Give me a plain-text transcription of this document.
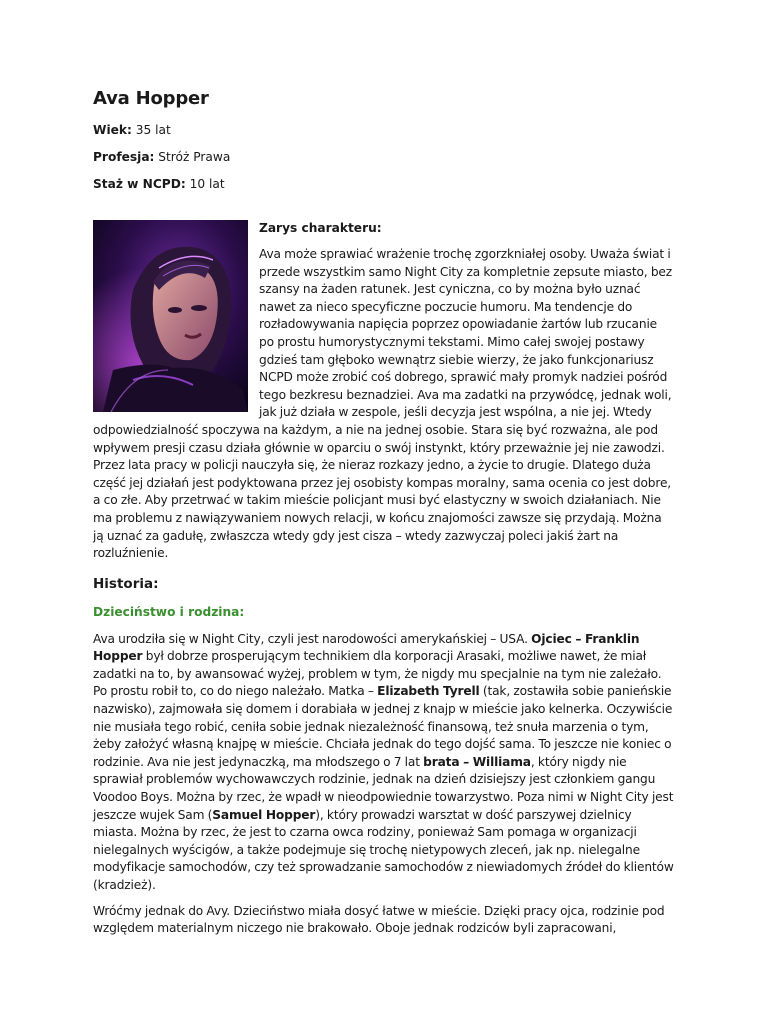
Ava Hopper
Wiek: 35 lat
Profesja: Stróż Prawa
Staż w NCPD: 10 lat
Zarys charakteru:

Ava może sprawiać wrażenie trochę zgorzkniałej osoby. Uważa świat i przede wszystkim samo Night City za kompletnie zepsute miasto, bez szansy na żaden ratunek. Jest cyniczna, co by można było uznać nawet za nieco specyficzne poczucie humoru. Ma tendencje do rozładowywania napięcia poprzez opowiadanie żartów lub rzucanie po prostu humorystycznymi tekstami. Mimo całej swojej postawy gdzieś tam głęboko wewnątrz siebie wierzy, że jako funkcjonariusz NCPD może zrobić coś dobrego, sprawić mały promyk nadziei pośród tego bezkresu beznadziei. Ava ma zadatki na przywódcę, jednak woli, jak już działa w zespole, jeśli decyzja jest wspólna, a nie jej. Wtedy odpowiedzialność spoczywa na każdym, a nie na jednej osobie. Stara się być rozważna, ale pod wpływem presji czasu działa głównie w oparciu o swój instynkt, który przeważnie jej nie zawodzi. Przez lata pracy w policji nauczyła się, że nieraz rozkazy jedno, a życie to drugie. Dlatego duża część jej działań jest podyktowana przez jej osobisty kompas moralny, sama ocenia co jest dobre, a co złe. Aby przetrwać w takim mieście policjant musi być elastyczny w swoich działaniach. Nie ma problemu z nawiązywaniem nowych relacji, w końcu znajomości zawsze się przydają. Można ją uznać za gadułę, zwłaszcza wtedy gdy jest cisza – wtedy zazwyczaj poleci jakiś żart na rozluźnienie.

Historia:
Dzieciństwo i rodzina:

Ava urodziła się w Night City, czyli jest narodowości amerykańskiej – USA. Ojciec – Franklin Hopper był dobrze prosperującym technikiem dla korporacji Arasaki, możliwe nawet, że miał zadatki na to, by awansować wyżej, problem w tym, że nigdy mu specjalnie na tym nie zależało. Po prostu robił to, co do niego należało. Matka – Elizabeth Tyrell (tak, zostawiła sobie panieńskie nazwisko), zajmowała się domem i dorabiała w jednej z knajp w mieście jako kelnerka. Oczywiście nie musiała tego robić, ceniła sobie jednak niezależność finansową, też snuła marzenia o tym, żeby założyć własną knajpę w mieście. Chciała jednak do tego dojść sama. To jeszcze nie koniec o rodzinie. Ava nie jest jedynaczką, ma młodszego o 7 lat brata – Williama, który nigdy nie sprawiał problemów wychowawczych rodzinie, jednak na dzień dzisiejszy jest członkiem gangu Voodoo Boys. Można by rzec, że wpadł w nieodpowiednie towarzystwo. Poza nimi w Night City jest jeszcze wujek Sam (Samuel Hopper), który prowadzi warsztat w dość parszywej dzielnicy miasta. Można by rzec, że jest to czarna owca rodziny, ponieważ Sam pomaga w organizacji nielegalnych wyścigów, a także podejmuje się trochę nietypowych zleceń, jak np. nielegalne modyfikacje samochodów, czy też sprowadzanie samochodów z niewiadomych źródeł do klientów (kradzież).

Wróćmy jednak do Avy. Dzieciństwo miała dosyć łatwe w mieście. Dzięki pracy ojca, rodzinie pod względem materialnym niczego nie brakowało. Oboje jednak rodziców byli zapracowani,
